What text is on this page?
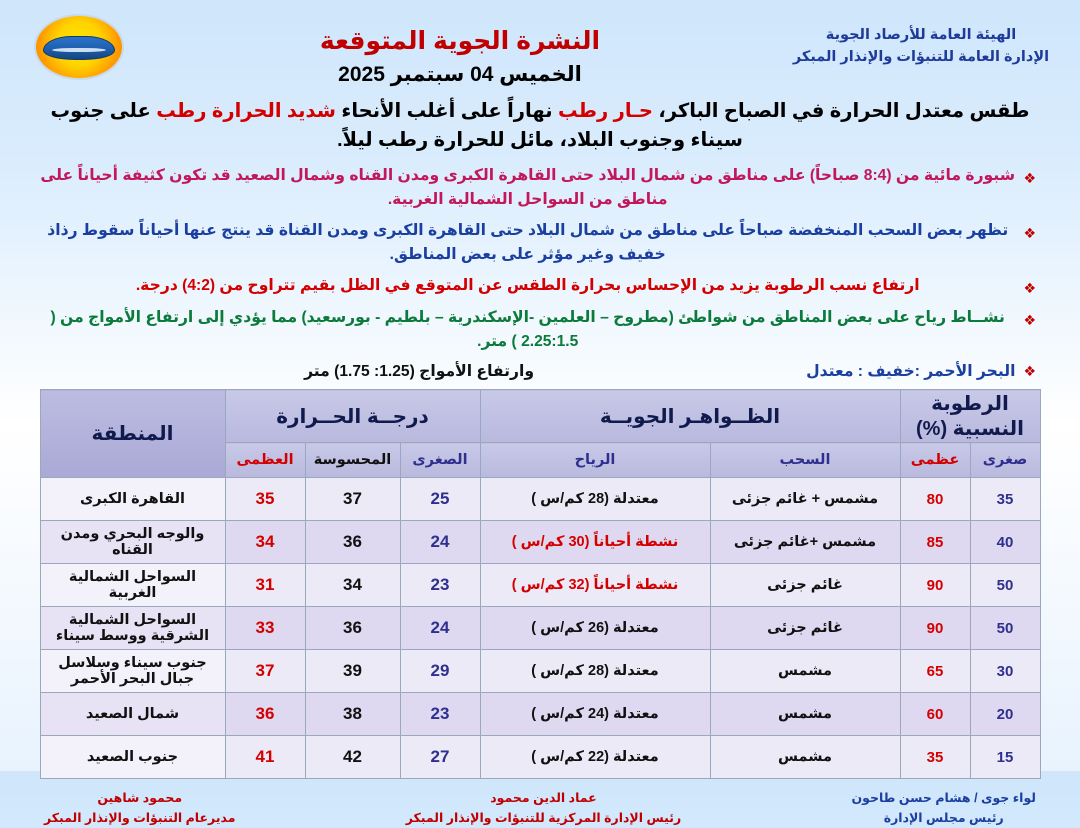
الهيئة العامة للأرصاد الجوية
الإدارة العامة للتنبؤات والإنذار المبكر
النشرة الجوية المتوقعة
الخميس 04 سبتمبر 2025
طقس معتدل الحرارة في الصباح الباكر، حـار رطب نهاراً على أغلب الأنحاء شديد الحرارة رطب على جنوب سيناء وجنوب البلاد، مائل للحرارة رطب ليلاً.
❖
شبورة مائية من (8:4 صباحاً) على مناطق من شمال البلاد حتى القاهرة الكبرى ومدن القناه وشمال الصعيد قد تكون كثيفة أحياناً على مناطق من السواحل الشمالية الغربية.
❖
تظهر بعض السحب المنخفضة صباحاً على مناطق من شمال البلاد حتى القاهرة الكبرى ومدن القناة قد ينتج عنها أحياناً سقوط رذاذ خفيف وغير مؤثر على بعض المناطق.
❖
ارتفاع نسب الرطوبة يزيد من الإحساس بحرارة الطقس عن المتوقع في الظل بقيم تتراوح من (4:2) درجة.
❖
نشــاط رياح على بعض المناطق من شواطئ (مطروح – العلمين -الإسكندرية – بلطيم - بورسعيد) مما يؤدي إلى ارتفاع الأمواج من ( 2.25:1.5 ) متر.
❖
البحر الأحمر :خفيف : معتدل
وارتفاع الأمواج (1.25: 1.75) متر
الرطوبة النسبية (%)		الظــواهـر الجويــة		درجــة الحــرارة			المنطقة
صغرى	عظمى	السحب	الرياح	الصغرى	المحسوسة	العظمى	
35	80	مشمس + غائم جزئى	معتدلة (28 كم/س )	25	37	35	القاهرة الكبرى
40	85	مشمس +غائم جزئى	نشطة أحياناً (30 كم/س )	24	36	34	والوجه البحري ومدن القناه
50	90	غائم جزئى	نشطة أحياناً (32 كم/س )	23	34	31	السواحل الشمالية الغربية
50	90	غائم جزئى	معتدلة (26 كم/س )	24	36	33	السواحل الشمالية الشرقية ووسط سيناء
30	65	مشمس	معتدلة (28 كم/س )	29	39	37	جنوب سيناء وسلاسل جبال البحر الأحمر
20	60	مشمس	معتدلة (24 كم/س )	23	38	36	شمال الصعيد
15	35	مشمس	معتدلة (22 كم/س )	27	42	41	جنوب الصعيد
لواء جوى / هشام حسن طاحون
رئيس مجلس الإدارة
عماد الدين محمود
رئيس الإدارة المركزية للتنبؤات والإنذار المبكر
محمود شاهين
مديرعام التنبؤات والإنذار المبكر
